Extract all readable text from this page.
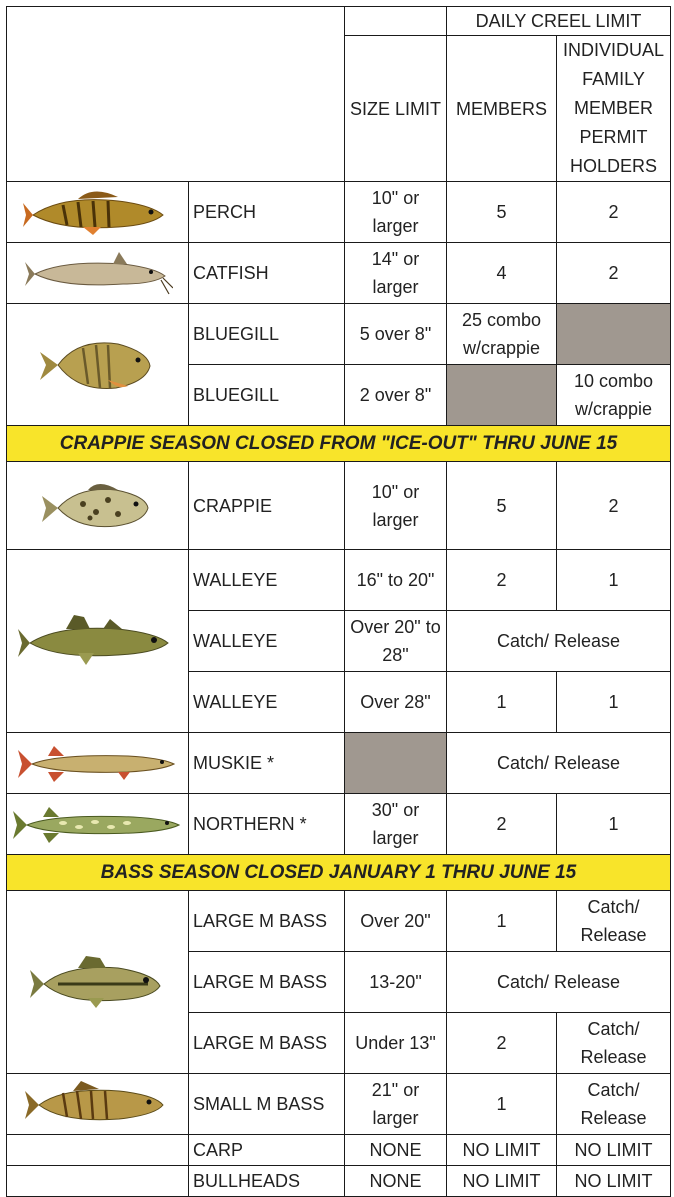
			DAILY CREEL LIMIT	
		SIZE LIMIT	MEMBERS	INDIVIDUAL FAMILY MEMBER PERMIT HOLDERS

	PERCH	10" or larger	5	2

	CATFISH	14" or larger	4	2

	BLUEGILL	5 over 8"	25 combo w/crappie	
	BLUEGILL	2 over 8"		10 combo w/crappie
CRAPPIE SEASON CLOSED FROM "ICE-OUT" THRU JUNE 15				

	CRAPPIE	10" or larger	5	2

	WALLEYE	16" to 20"	2	1
	WALLEYE	Over 20" to 28"	Catch/ Release	
	WALLEYE	Over 28"	1	1

	MUSKIE *		Catch/ Release	

	NORTHERN *	30" or larger	2	1
BASS SEASON CLOSED JANUARY 1 THRU JUNE 15				

	LARGE M BASS	Over 20"	1	Catch/ Release
	LARGE M BASS	13-20"	Catch/ Release	
	LARGE M BASS	Under 13"	2	Catch/ Release

	SMALL M BASS	21" or larger	1	Catch/ Release
	CARP	NONE	NO LIMIT	NO LIMIT
	BULLHEADS	NONE	NO LIMIT	NO LIMIT
